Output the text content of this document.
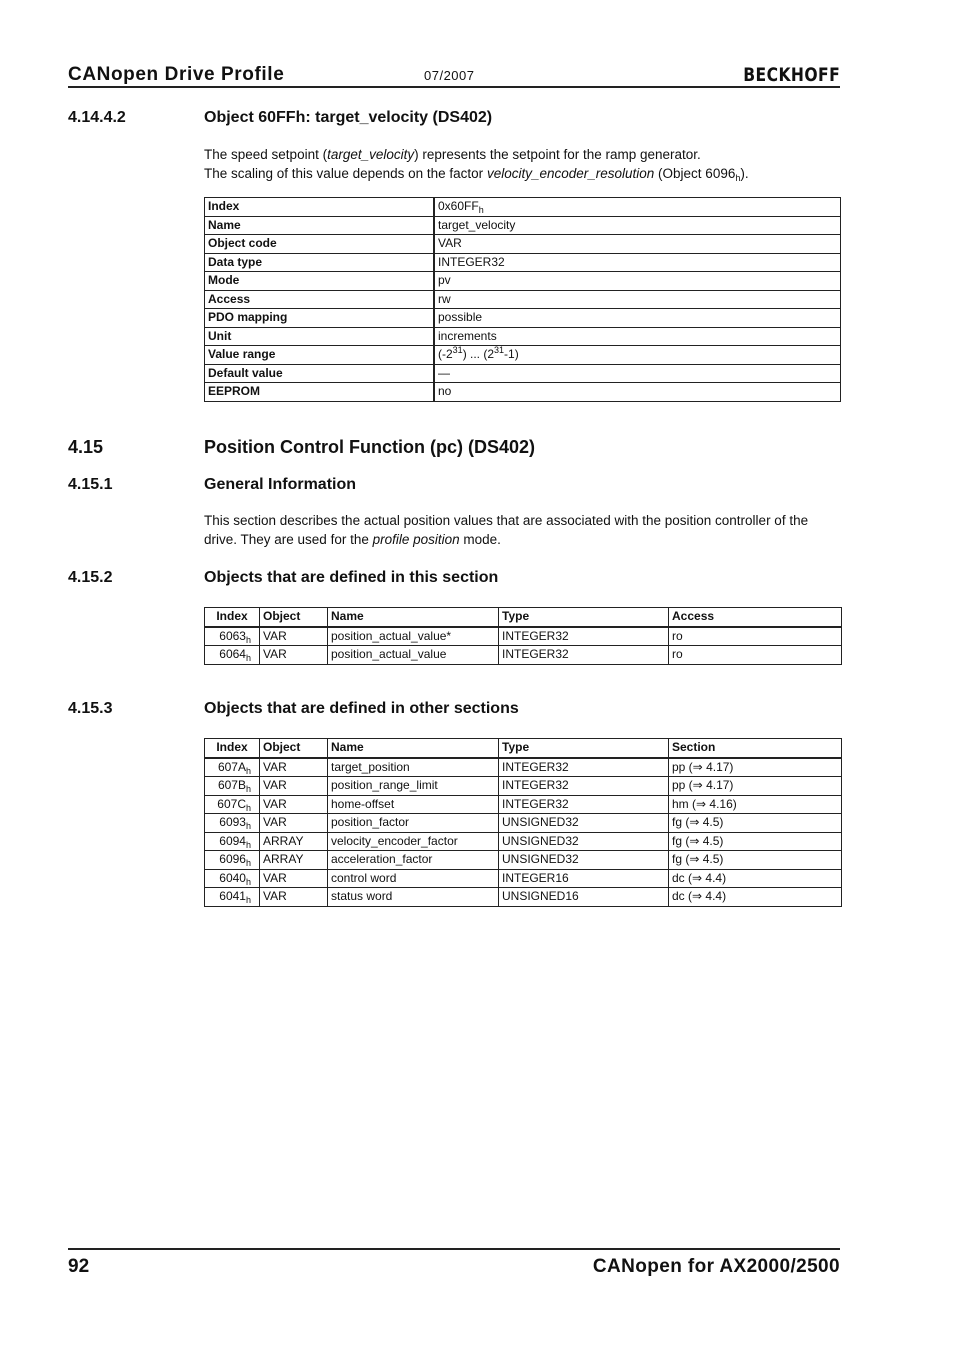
CANopen Drive Profile	07/2007	BECKHOFF
4.14.4.2	Object 60FFh: target_velocity (DS402)
The speed setpoint (target_velocity) represents the setpoint for the ramp generator.
The scaling of this value depends on the factor velocity_encoder_resolution (Object $6096_h$).
Index	$0x60FF_h$
Name	target_velocity
Object code	VAR
Data type	INTEGER32
Mode	pv
Access	rw
PDO mapping	possible
Unit	increments
Value range	$(-2^{31})$ ... $(2^{31}-1)$
Default value	—
EEPROM	no
4.15	Position Control Function (pc) (DS402)
4.15.1	General Information
This section describes the actual position values that are associated with the position controller of the drive. They are used for the profile position mode.
4.15.2	Objects that are defined in this section
Index	Object	Name	Type	Access
$6063_h$	VAR	position_actual_value*	INTEGER32	ro
$6064_h$	VAR	position_actual_value	INTEGER32	ro
4.15.3	Objects that are defined in other sections
Index	Object	Name	Type	Section
$607A_h$	VAR	target_position	INTEGER32	pp (⇒ 4.17)
$607B_h$	VAR	position_range_limit	INTEGER32	pp (⇒ 4.17)
$607C_h$	VAR	home-offset	INTEGER32	hm (⇒ 4.16)
$6093_h$	VAR	position_factor	UNSIGNED32	fg (⇒ 4.5)
$6094_h$	ARRAY	velocity_encoder_factor	UNSIGNED32	fg (⇒ 4.5)
$6096_h$	ARRAY	acceleration_factor	UNSIGNED32	fg (⇒ 4.5)
$6040_h$	VAR	control word	INTEGER16	dc (⇒ 4.4)
$6041_h$	VAR	status word	UNSIGNED16	dc (⇒ 4.4)
92	CANopen for AX2000/2500
